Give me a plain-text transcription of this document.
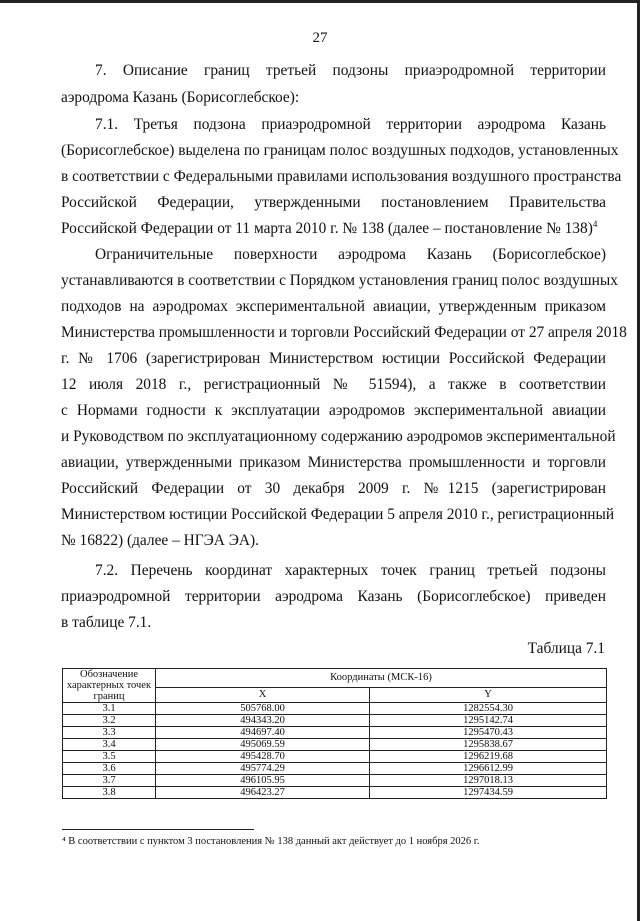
27
7. Описание границ третьей подзоны приаэродромной территории
аэродрома Казань (Борисоглебское):
7.1. Третья подзона приаэродромной территории аэродрома Казань
(Борисоглебское) выделена по границам полос воздушных подходов, установленных
в соответствии с Федеральными правилами использования воздушного пространства
Российской Федерации, утвержденными постановлением Правительства
Российской Федерации от 11 марта 2010 г. № 138 (далее – постановление № 138)$^4$
Ограничительные поверхности аэродрома Казань (Борисоглебское)
устанавливаются в соответствии с Порядком установления границ полос воздушных
подходов на аэродромах экспериментальной авиации, утвержденным приказом
Министерства промышленности и торговли Российский Федерации от 27 апреля 2018
г. № 1706 (зарегистрирован Министерством юстиции Российской Федерации
12 июля 2018 г., регистрационный № 51594), а также в соответствии
с Нормами годности к эксплуатации аэродромов экспериментальной авиации
и Руководством по эксплуатационному содержанию аэродромов экспериментальной
авиации, утвержденными приказом Министерства промышленности и торговли
Российский Федерации от 30 декабря 2009 г. №1215 (зарегистрирован
Министерством юстиции Российской Федерации 5 апреля 2010 г., регистрационный
№ 16822) (далее – НГЭА ЭА).
7.2. Перечень координат характерных точек границ третьей подзоны
приаэродромной территории аэродрома Казань (Борисоглебское) приведен
в таблице 7.1.
Таблица 7.1
Обозначение характерных точек границ	Координаты (МСК-16)	
	X	Y
3.1	505768.00	1282554.30
3.2	494343.20	1295142.74
3.3	494697.40	1295470.43
3.4	495069.59	1295838.67
3.5	495428.70	1296219.68
3.6	495774.29	1296612.99
3.7	496105.95	1297018.13
3.8	496423.27	1297434.59
⁴ В соответствии с пунктом 3 постановления № 138 данный акт действует до 1 ноября 2026 г.
